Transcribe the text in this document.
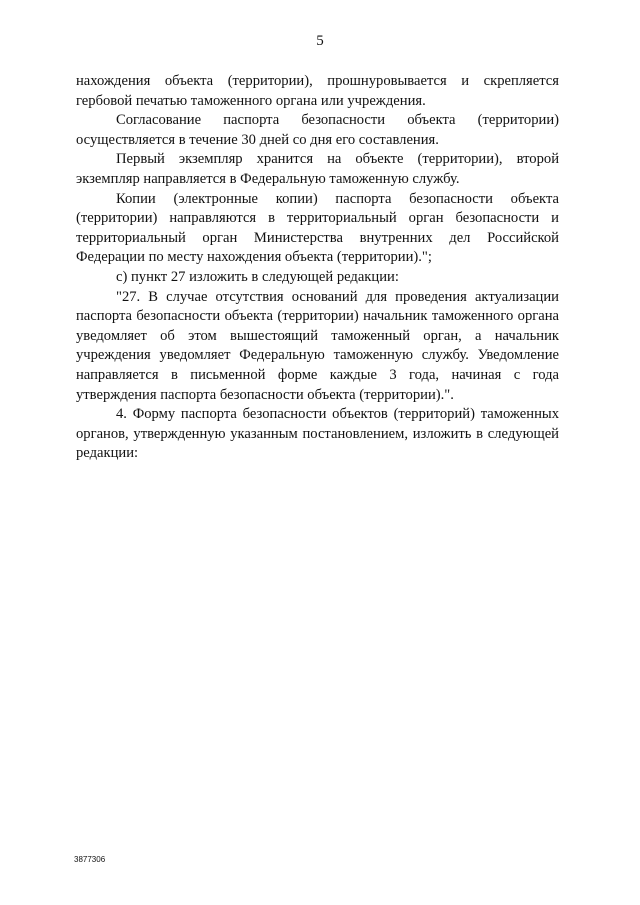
5

нахождения объекта (территории), прошнуровывается и скрепляется гербовой печатью таможенного органа или учреждения.

Согласование паспорта безопасности объекта (территории) осуществляется в течение 30 дней со дня его составления.

Первый экземпляр хранится на объекте (территории), второй экземпляр направляется в Федеральную таможенную службу.

Копии (электронные копии) паспорта безопасности объекта (территории) направляются в территориальный орган безопасности и территориальный орган Министерства внутренних дел Российской Федерации по месту нахождения объекта (территории).";

с) пункт 27 изложить в следующей редакции:

"27. В случае отсутствия оснований для проведения актуализации паспорта безопасности объекта (территории) начальник таможенного органа уведомляет об этом вышестоящий таможенный орган, а начальник учреждения уведомляет Федеральную таможенную службу. Уведомление направляется в письменной форме каждые 3 года, начиная с года утверждения паспорта безопасности объекта (территории).".

4. Форму паспорта безопасности объектов (территорий) таможенных органов, утвержденную указанным постановлением, изложить в следующей редакции:

3877306
